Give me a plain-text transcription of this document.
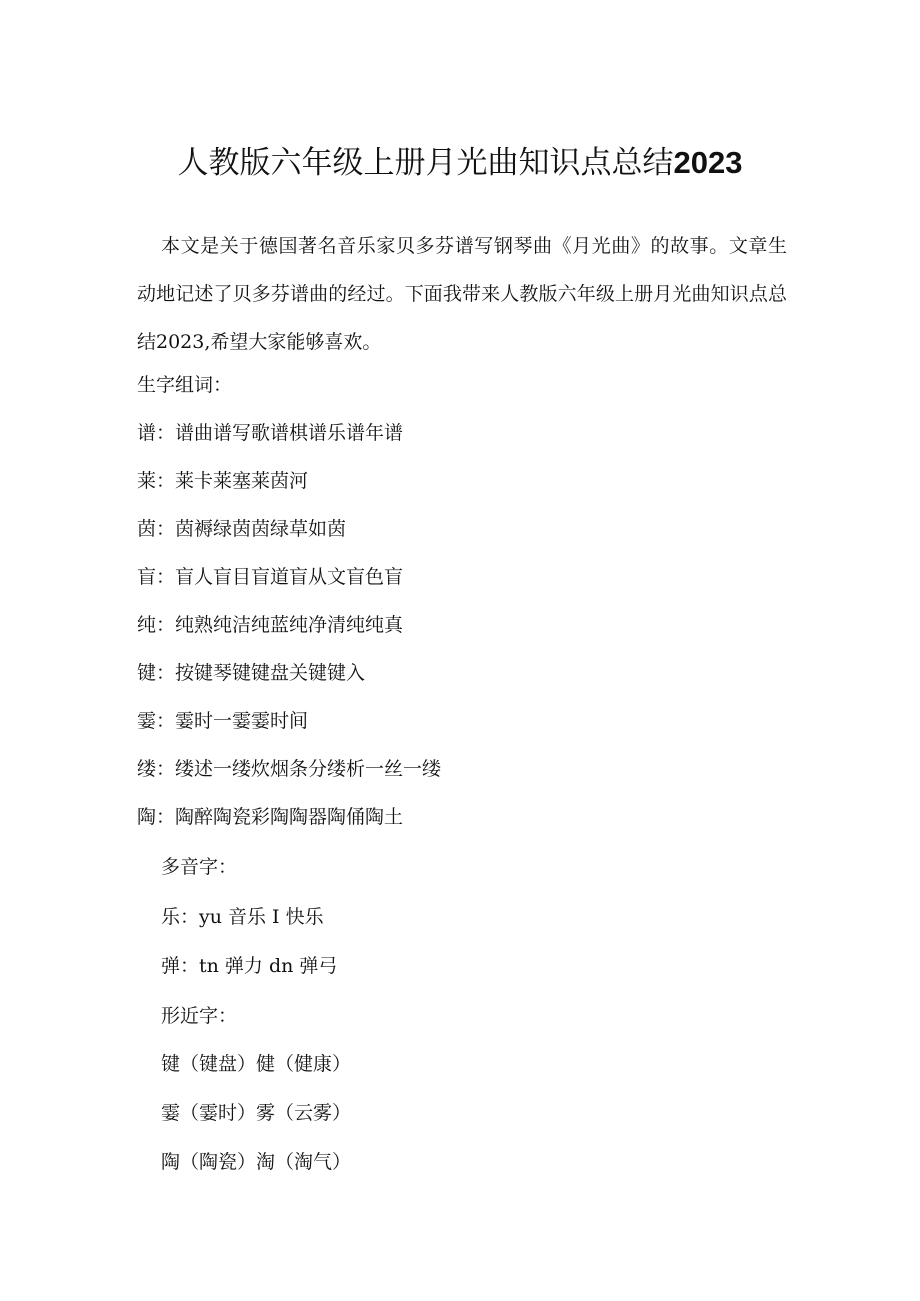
人教版六年级上册月光曲知识点总结2023

本文是关于德国著名音乐家贝多芬谱写钢琴曲《月光曲》的故事。文章生动地记述了贝多芬谱曲的经过。下面我带来人教版六年级上册月光曲知识点总结2023,希望大家能够喜欢。

生字组词：

谱：谱曲谱写歌谱棋谱乐谱年谱

莱：莱卡莱塞莱茵河

茵：茵褥绿茵茵绿草如茵

盲：盲人盲目盲道盲从文盲色盲

纯：纯熟纯洁纯蓝纯净清纯纯真

键：按键琴键键盘关键键入

霎：霎时一霎霎时间

缕：缕述一缕炊烟条分缕析一丝一缕

陶：陶醉陶瓷彩陶陶器陶俑陶土

多音字：

乐：yu 音乐 I 快乐

弹：tn 弹力 dn 弹弓

形近字：

键（键盘）健（健康）

霎（霎时）雾（云雾）

陶（陶瓷）淘（淘气）
